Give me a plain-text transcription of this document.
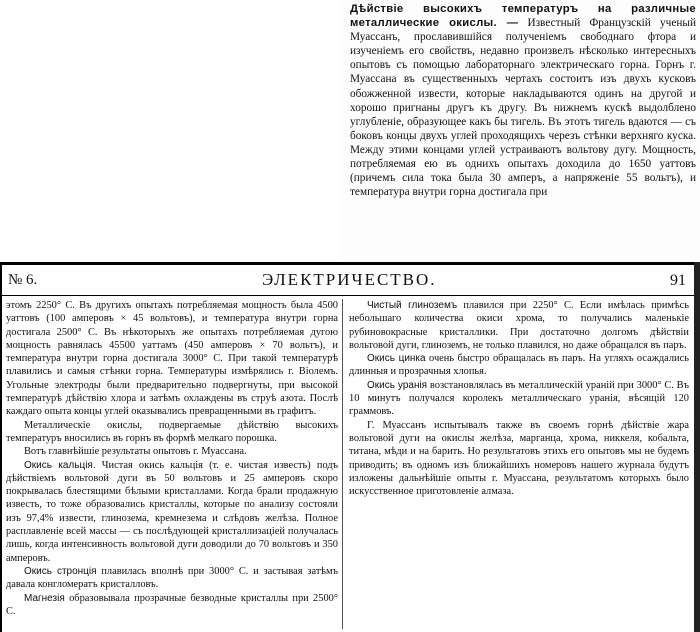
Дѣйствіе высокихъ температуръ на различные металлические окислы. — Известный Французскій ученый Муассанъ, прославившійся полученіемъ свободнаго фтора и изученіемъ его свойствъ, недавно произвелъ нѣсколько интересныхъ опытовъ съ помощью лабораторнаго электрическаго горна. Горнъ г. Муассана въ существенныхъ чертахъ состоитъ изъ двухъ кусковъ обожженной извести, которые накладываются одинъ на другой и хорошо пригнаны другъ къ другу. Въ нижнемъ кускѣ выдолблено углубленіе, образующее какъ бы тигель. Въ этотъ тигель вдаются — съ боковъ концы двухъ углей проходящихъ черезъ стѣнки верхняго куска. Между этими концами углей устраиваютъ вольтову дугу. Мощность, потребляемая ею въ однихъ опытахъ доходила до 1650 уаттовъ (причемъ сила тока была 30 амперъ, а напряженіе 55 вольтъ), и температура внутри горна достигала при
№ 6.	ЭЛЕКТРИЧЕСТВО.	91

этомъ 2250° С. Въ другихъ опытахъ потребляемая мощность была 4500 уаттовъ (100 амперовъ × 45 вольтовъ), и температура внутри горна достигала 2500° С. Въ нѣкоторыхъ же опытахъ потребляемая дугою мощность равнялась 45500 уаттамъ (450 амперовъ × 70 вольтъ), и температура внутри горна достигала 3000° С. При такой температурѣ плавились и самыя стѣнки горна. Температуры измѣрялись г. Віолемъ. Угольные электроды были предварительно подвергнуты, при высокой температурѣ дѣйствію хлора и затѣмъ охлаждены въ струѣ азота. Послѣ каждаго опыта концы углей оказывались превращенными въ графитъ.

Металлическіе окислы, подвергаемые дѣйствію высокихъ температуръ вносились въ горнъ въ формѣ мелкаго порошка.

Вотъ главнѣйшіе результаты опытовъ г. Муассана.

Окись кальція. Чистая окись кальція (т. е. чистая известь) подъ дѣйствіемъ вольтовой дуги въ 50 вольтовъ и 25 амперовъ скоро покрывалась блестящими бѣлыми кристаллами. Когда брали продажную известь, то тоже образовались кристаллы, которые по анализу состояли изъ 97,4% извести, глинозема, кремнезема и слѣдовъ желѣза. Полное расплавленіе всей массы — съ послѣдующей кристаллизаціей получалась лишь, когда интенсивность вольтовой дуги доводили до 70 вольтовъ и 350 амперовъ.

Окись стронція плавилась вполнѣ при 3000° С. и застывая затѣмъ давала конгломератъ кристалловъ.

Магнезія образовывала прозрачные безводные кристаллы при 2500° С.

Чистый глиноземъ плавился при 2250° С. Если имѣлась примѣсь небольшаго количества окиси хрома, то получались маленькіе рубиновокрасные кристаллики. При достаточно долгомъ дѣйствіи вольтовой дуги, глиноземъ, не только плавился, но даже обращался въ паръ.

Окись цинка очень быстро обращалась въ паръ. На угляхъ осаждались длинныя и прозрачныя хлопья.

Окись уранія возстановлялась въ металлическій ураній при 3000° С. Въ 10 минутъ получался королекъ металлическаго уранія, вѣсящій 120 граммовъ.

Г. Муассанъ испытывалъ также въ своемъ горнѣ дѣйствіе жара вольтовой дуги на окислы желѣза, марганца, хрома, никкеля, кобальта, титана, мѣди и на барить. Но результатовъ этихъ его опытовъ мы не будемъ приводить; въ одномъ изъ ближайшихъ номеровъ нашего журнала будутъ изложены дальнѣйшіе опыты г. Муассана, результатомъ которыхъ было искусственное приготовленіе алмаза.
